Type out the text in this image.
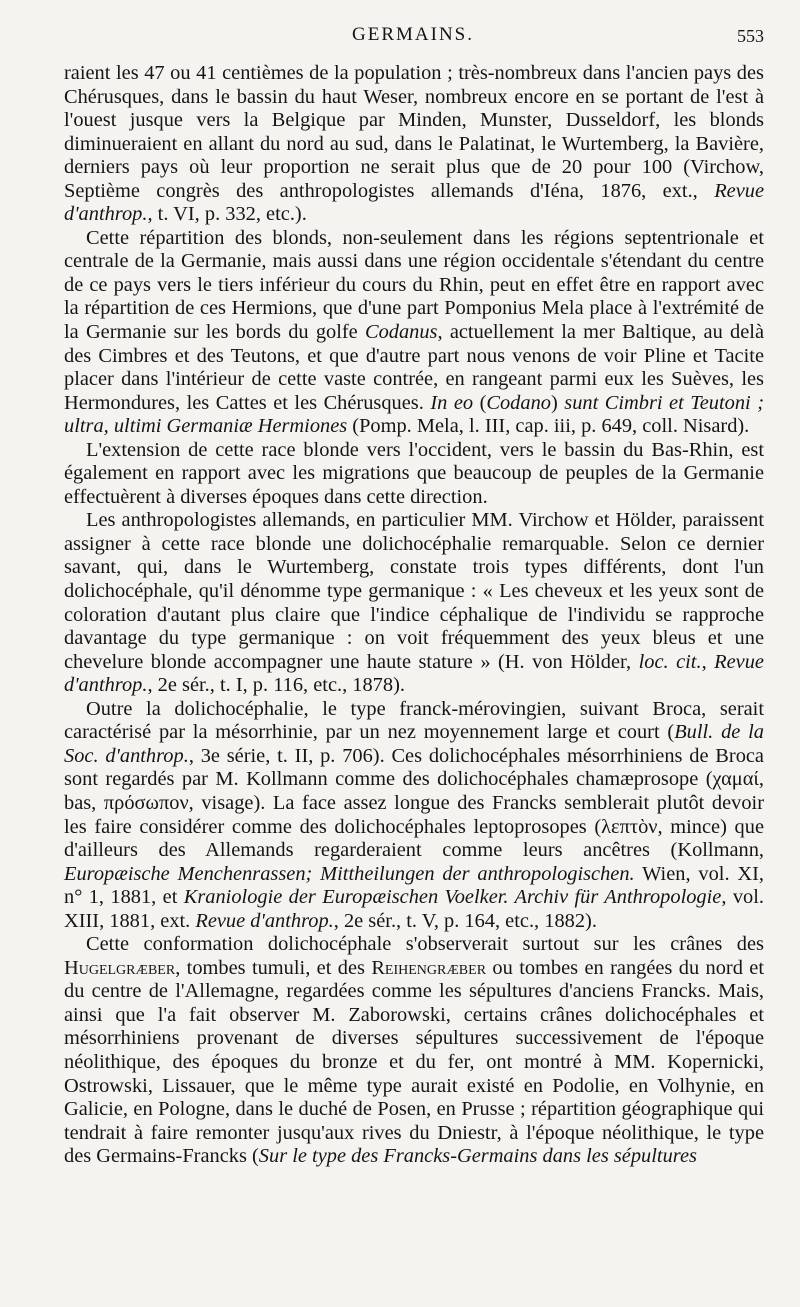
GERMAINS.	553

raient les 47 ou 41 centièmes de la population ; très-nombreux dans l'ancien pays des Chérusques, dans le bassin du haut Weser, nombreux encore en se portant de l'est à l'ouest jusque vers la Belgique par Minden, Munster, Dusseldorf, les blonds diminueraient en allant du nord au sud, dans le Palatinat, le Wurtemberg, la Bavière, derniers pays où leur proportion ne serait plus que de 20 pour 100 (Virchow, Septième congrès des anthropologistes allemands d'Iéna, 1876, ext., Revue d'anthrop., t. VI, p. 332, etc.).

Cette répartition des blonds, non-seulement dans les régions septentrionale et centrale de la Germanie, mais aussi dans une région occidentale s'étendant du centre de ce pays vers le tiers inférieur du cours du Rhin, peut en effet être en rapport avec la répartition de ces Hermions, que d'une part Pomponius Mela place à l'extrémité de la Germanie sur les bords du golfe Codanus, actuellement la mer Baltique, au delà des Cimbres et des Teutons, et que d'autre part nous venons de voir Pline et Tacite placer dans l'intérieur de cette vaste contrée, en rangeant parmi eux les Suèves, les Hermondures, les Cattes et les Chérusques. In eo (Codano) sunt Cimbri et Teutoni ; ultra, ultimi Germaniæ Hermiones (Pomp. Mela, l. III, cap. iii, p. 649, coll. Nisard).

L'extension de cette race blonde vers l'occident, vers le bassin du Bas-Rhin, est également en rapport avec les migrations que beaucoup de peuples de la Germanie effectuèrent à diverses époques dans cette direction.

Les anthropologistes allemands, en particulier MM. Virchow et Hölder, paraissent assigner à cette race blonde une dolichocéphalie remarquable. Selon ce dernier savant, qui, dans le Wurtemberg, constate trois types différents, dont l'un dolichocéphale, qu'il dénomme type germanique : « Les cheveux et les yeux sont de coloration d'autant plus claire que l'indice céphalique de l'individu se rapproche davantage du type germanique : on voit fréquemment des yeux bleus et une chevelure blonde accompagner une haute stature » (H. von Hölder, loc. cit., Revue d'anthrop., 2e sér., t. I, p. 116, etc., 1878).

Outre la dolichocéphalie, le type franck-mérovingien, suivant Broca, serait caractérisé par la mésorrhinie, par un nez moyennement large et court (Bull. de la Soc. d'anthrop., 3e série, t. II, p. 706). Ces dolichocéphales mésorrhiniens de Broca sont regardés par M. Kollmann comme des dolichocéphales chamæprosope (χαμαί, bas, πρόσωπον, visage). La face assez longue des Francks semblerait plutôt devoir les faire considérer comme des dolichocéphales leptoprosopes (λεπτὸν, mince) que d'ailleurs des Allemands regarderaient comme leurs ancêtres (Kollmann, Europæische Menchenrassen; Mittheilungen der anthropologischen. Wien, vol. XI, n° 1, 1881, et Kraniologie der Europæischen Voelker. Archiv für Anthropologie, vol. XIII, 1881, ext. Revue d'anthrop., 2e sér., t. V, p. 164, etc., 1882).

Cette conformation dolichocéphale s'observerait surtout sur les crânes des Hugelgræber, tombes tumuli, et des Reihengræber ou tombes en rangées du nord et du centre de l'Allemagne, regardées comme les sépultures d'anciens Francks. Mais, ainsi que l'a fait observer M. Zaborowski, certains crânes dolichocéphales et mésorrhiniens provenant de diverses sépultures successivement de l'époque néolithique, des époques du bronze et du fer, ont montré à MM. Kopernicki, Ostrowski, Lissauer, que le même type aurait existé en Podolie, en Volhynie, en Galicie, en Pologne, dans le duché de Posen, en Prusse ; répartition géographique qui tendrait à faire remonter jusqu'aux rives du Dniestr, à l'époque néolithique, le type des Germains-Francks (Sur le type des Francks-Germains dans les sépultures
